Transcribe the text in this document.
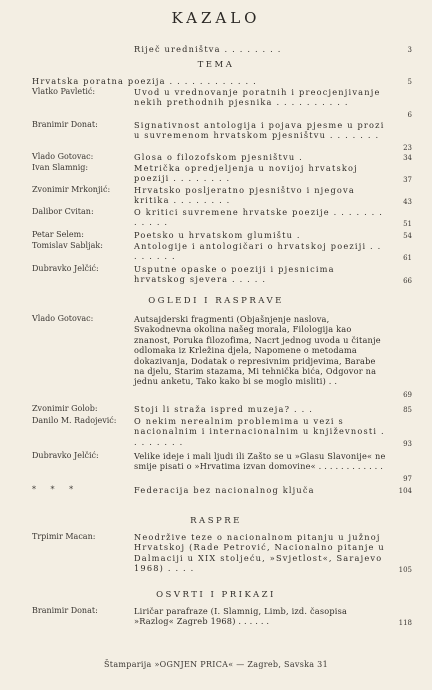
KAZALO
Riječ uredništva . . . . . . . .	3
TEMA
Hrvatska poratna poezija . . . . . . . . . . . .	5
Vlatko Pavletić:	Uvod u vrednovanje poratnih i preocjenjivanje nekih prethodnih pjesnika . . . . . . . . . .
6
Branimir Donat:	Signativnost antologija i pojava pjesme u prozi u suvremenom hrvatskom pjesništvu . . . . . . .
23
Vlado Gotovac:	Glosa o filozofskom pjesništvu .	34
Ivan Slamnig:	Metrička opredjeljenja u novijoj hrvatskoj poeziji . . . . . . . .	37
Zvonimir Mrkonjić:	Hrvatsko posljeratno pjesništvo i njegova kritika . . . . . . . .	43
Dalibor Cvitan:	O kritici suvremene hrvatske poezije . . . . . . . . . . . .	51
Petar Selem:	Poetsko u hrvatskom glumištu .	54
Tomislav Sabljak:	Antologije i antologičari o hrvatskoj poeziji . . . . . . . .	61
Dubravko Jelčić:	Usputne opaske o poeziji i pjesnicima hrvatskog sjevera . . . . .	66
OGLEDI I RASPRAVE
Vlado Gotovac:	Autsajderski fragmenti (Objašnjenje naslova, Svakodnevna okolina našeg morala, Filologija kao znanost, Poruka filozofima, Nacrt jednog uvoda u čitanje odlomaka iz Krležina djela, Napomene o metodama dokazivanja, Dodatak o represivnim pridjevima, Barabe na djelu, Starim stazama, Mi tehnička bića, Odgovor na jednu anketu, Tako kako bi se moglo misliti) . .
69
Zvonimir Golob:	Stoji li straža ispred muzeja? . . .	85
Danilo M. Radojević: O nekim nerealnim problemima u vezi s nacionalnim i internacionalnim u književnosti . . . . . . . .	93
Dubravko Jelčić:	Velike ideje i mali ljudi ili Zašto se u »Glasu Slavonije« ne smije pisati o »Hrvatima izvan domovine« . . . . . . . . . . . .
97
* * *	Federacija bez nacionalnog ključa	104
RASPRE
Trpimir Macan:	Neodržive teze o nacionalnom pitanju u južnoj Hrvatskoj (Rade Petrović, Nacionalno pitanje u Dalmaciji u XIX stoljeću, »Svjetlost«, Sarajevo 1968) . . . .	105
OSVRTI I PRIKAZI
Branimir Donat:	Liričar parafraze (I. Slamnig, Limb, izd. časopisa »Razlog« Zagreb 1968) . . . . . .	118
Štamparija »OGNJEN PRICA« — Zagreb, Savska 31
